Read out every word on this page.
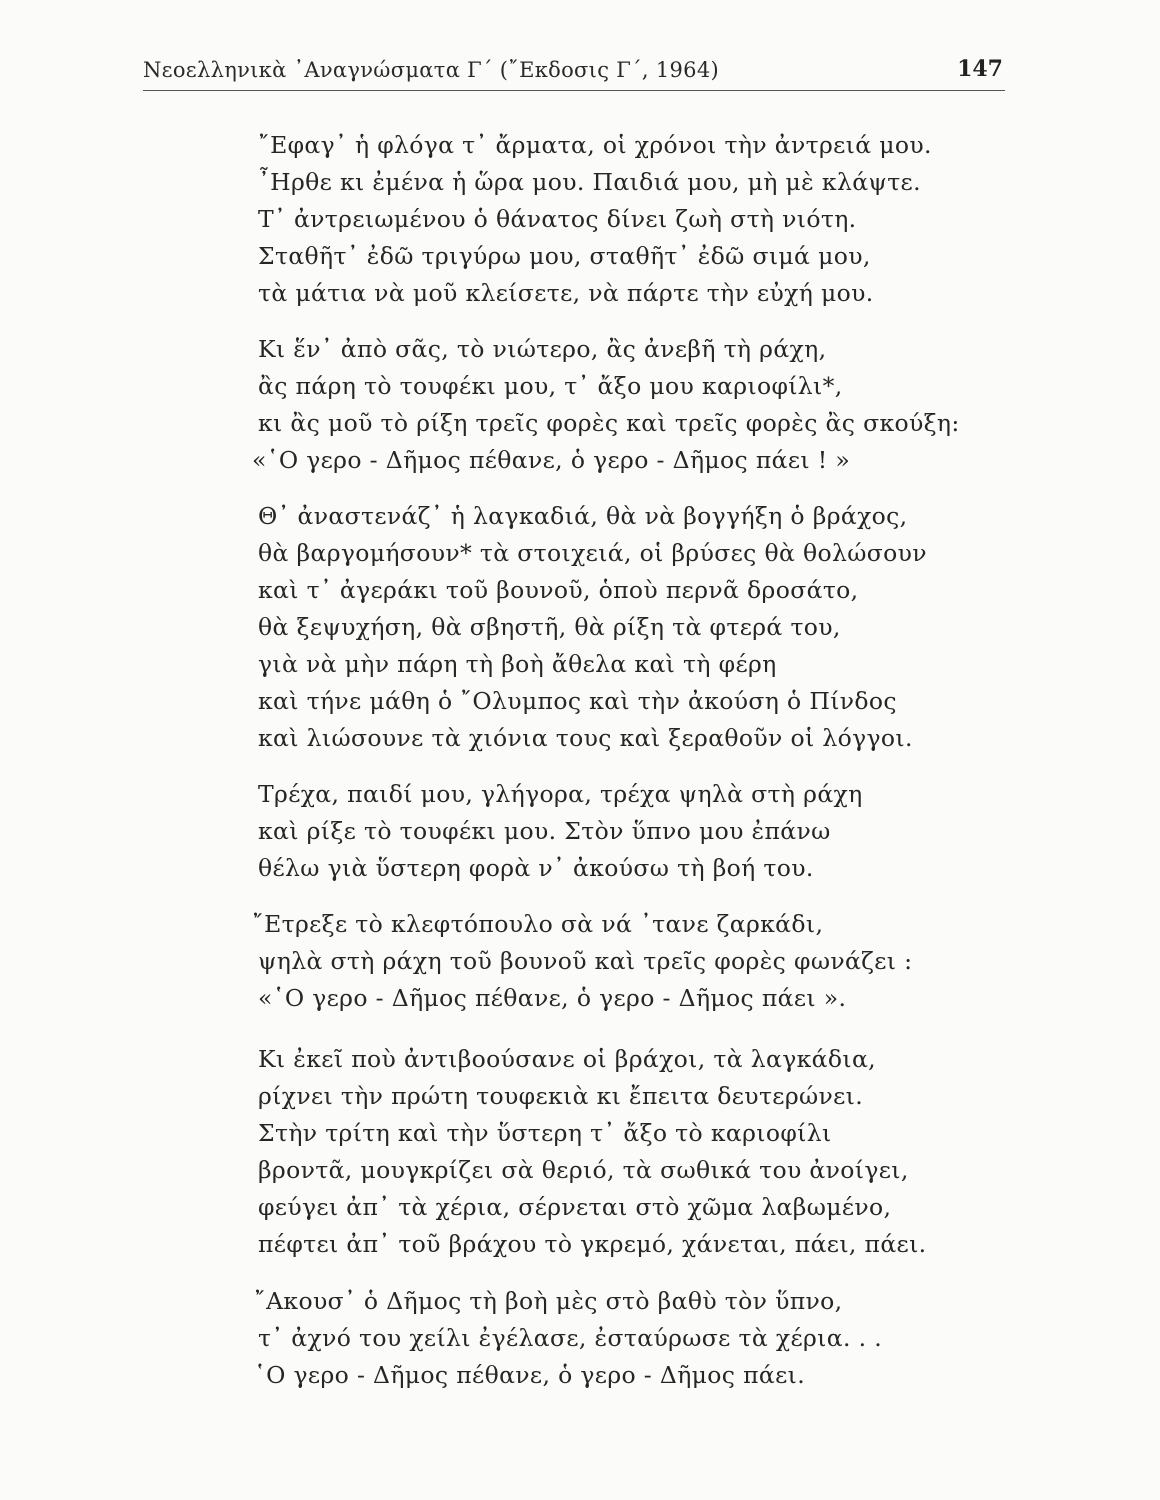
Νεοελληνικὰ ᾿Αναγνώσματα Γ΄ (῎Εκδοσις Γ΄, 1964)	147
῎Εφαγ᾿ ἡ φλόγα τ᾿ ἄρματα, οἱ χρόνοι τὴν ἀντρειά μου.
῏Ηρθε κι ἐμένα ἡ ὥρα μου. Παιδιά μου, μὴ μὲ κλάψτε.
Τ᾿ ἀντρειωμένου ὁ θάνατος δίνει ζωὴ στὴ νιότη.
Σταθῆτ᾿ ἐδῶ τριγύρω μου, σταθῆτ᾿ ἐδῶ σιμά μου,
τὰ μάτια νὰ μοῦ κλείσετε, νὰ πάρτε τὴν εὐχή μου.
Κι ἕν᾿ ἀπὸ σᾶς, τὸ νιώτερο, ἂς ἀνεβῆ τὴ ράχη,
ἂς πάρη τὸ τουφέκι μου, τ᾿ ἄξο μου καριοφίλι*,
κι ἂς μοῦ τὸ ρίξη τρεῖς φορὲς καὶ τρεῖς φορὲς ἂς σκούξη:
«῾Ο γερο - Δῆμος πέθανε, ὁ γερο - Δῆμος πάει ! »
Θ᾿ ἀναστενάζ᾿ ἡ λαγκαδιά, θὰ νὰ βογγήξη ὁ βράχος,
θὰ βαργομήσουν* τὰ στοιχειά, οἱ βρύσες θὰ θολώσουν
καὶ τ᾿ ἀγεράκι τοῦ βουνοῦ, ὁποὺ περνᾶ δροσάτο,
θὰ ξεψυχήση, θὰ σβηστῆ, θὰ ρίξη τὰ φτερά του,
γιὰ νὰ μὴν πάρη τὴ βοὴ ἄθελα καὶ τὴ φέρη
καὶ τήνε μάθη ὁ ῎Ολυμπος καὶ τὴν ἀκούση ὁ Πίνδος
καὶ λιώσουνε τὰ χιόνια τους καὶ ξεραθοῦν οἱ λόγγοι.
Τρέχα, παιδί μου, γλήγορα, τρέχα ψηλὰ στὴ ράχη
καὶ ρίξε τὸ τουφέκι μου. Στὸν ὕπνο μου ἐπάνω
θέλω γιὰ ὕστερη φορὰ ν᾿ ἀκούσω τὴ βοή του.
῎Ετρεξε τὸ κλεφτόπουλο σὰ νά ᾿τανε ζαρκάδι,
ψηλὰ στὴ ράχη τοῦ βουνοῦ καὶ τρεῖς φορὲς φωνάζει :
«῾Ο γερο - Δῆμος πέθανε, ὁ γερο - Δῆμος πάει ».
Κι ἐκεῖ ποὺ ἀντιβοούσανε οἱ βράχοι, τὰ λαγκάδια,
ρίχνει τὴν πρώτη τουφεκιὰ κι ἔπειτα δευτερώνει.
Στὴν τρίτη καὶ τὴν ὕστερη τ᾿ ἄξο τὸ καριοφίλι
βροντᾶ, μουγκρίζει σὰ θεριό, τὰ σωθικά του ἀνοίγει,
φεύγει ἀπ᾿ τὰ χέρια, σέρνεται στὸ χῶμα λαβωμένο,
πέφτει ἀπ᾿ τοῦ βράχου τὸ γκρεμό, χάνεται, πάει, πάει.
῎Ακουσ᾿ ὁ Δῆμος τὴ βοὴ μὲς στὸ βαθὺ τὸν ὕπνο,
τ᾿ ἀχνό του χείλι ἐγέλασε, ἐσταύρωσε τὰ χέρια. . .
῾Ο γερο - Δῆμος πέθανε, ὁ γερο - Δῆμος πάει.
